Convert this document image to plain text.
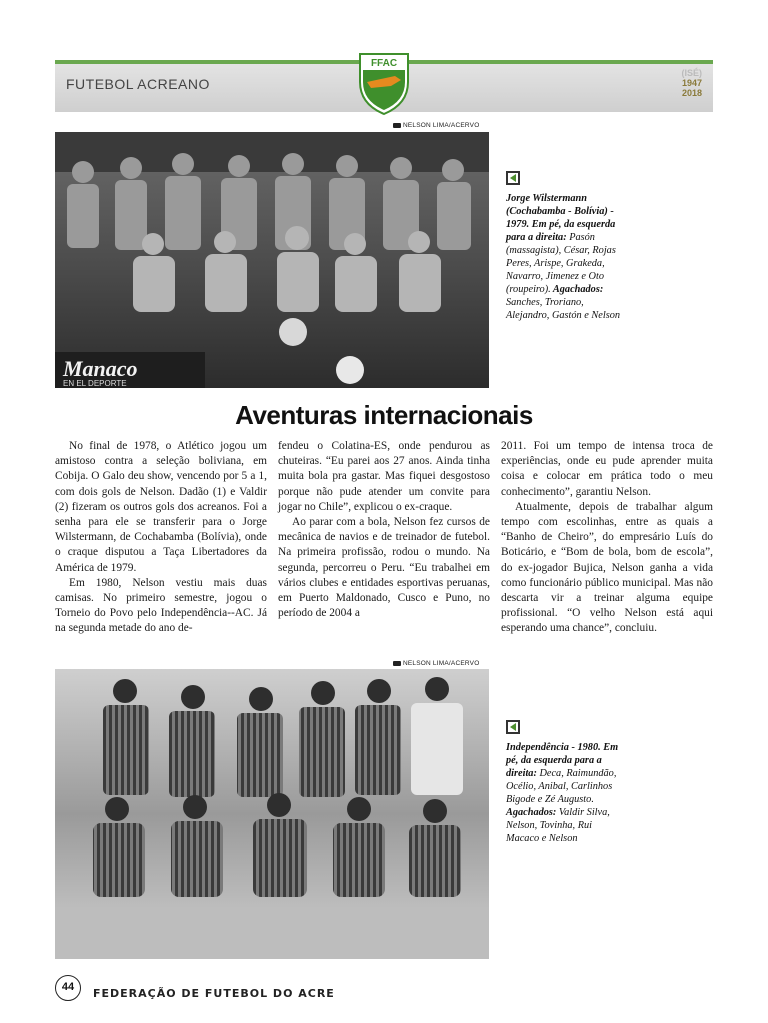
FUTEBOL ACREANO
FFAC
(ISÉ)
1947
2018
NELSON LIMA/ACERVO
Manaco
EN EL DEPORTE
Jorge Wilstermann (Cochabamba - Bolívia) - 1979. Em pé, da esquerda para a direita: Pasón (massagista), César, Rojas Peres, Arispe, Grakeda, Navarro, Jimenez e Oto (roupeiro). Agachados: Sanches, Troriano, Alejandro, Gastón e Nelson
Aventuras internacionais

No final de 1978, o Atlético jogou um amistoso contra a seleção boliviana, em Cobija. O Galo deu show, vencendo por 5 a 1, com dois gols de Nelson. Dadão (1) e Valdir (2) fizeram os outros gols dos acreanos. Foi a senha para ele se transferir para o Jorge Wilstermann, de Cochabamba (Bolívia), onde o craque disputou a Taça Libertadores da América de 1979.

Em 1980, Nelson vestiu mais duas camisas. No primeiro semestre, jogou o Torneio do Povo pelo Independência--AC. Já na segunda metade do ano de-

fendeu o Colatina-ES, onde pendurou as chuteiras. “Eu parei aos 27 anos. Ainda tinha muita bola pra gastar. Mas fiquei desgostoso porque não pude atender um convite para jogar no Chile”, explicou o ex-craque.

Ao parar com a bola, Nelson fez cursos de mecânica de navios e de treinador de futebol. Na primeira profissão, rodou o mundo. Na segunda, percorreu o Peru. “Eu trabalhei em vários clubes e entidades esportivas peruanas, em Puerto Maldonado, Cusco e Puno, no período de 2004 a

2011. Foi um tempo de intensa troca de experiências, onde eu pude aprender muita coisa e colocar em prática todo o meu conhecimento”, garantiu Nelson.

Atualmente, depois de trabalhar algum tempo com escolinhas, entre as quais a “Banho de Cheiro”, do empresário Luís do Boticário, e “Bom de bola, bom de escola”, do ex-jogador Bujica, Nelson ganha a vida como funcionário público municipal. Mas não descarta vir a treinar alguma equipe profissional. “O velho Nelson está aqui esperando uma chance”, concluiu.

NELSON LIMA/ACERVO
Independência - 1980. Em pé, da esquerda para a direita: Deca, Raimundão, Océlio, Anibal, Carlinhos Bigode e Zé Augusto. Agachados: Valdir Silva, Nelson, Tovinha, Rui Macaco e Nelson
44	FEDERAÇÃO DE FUTEBOL DO ACRE
